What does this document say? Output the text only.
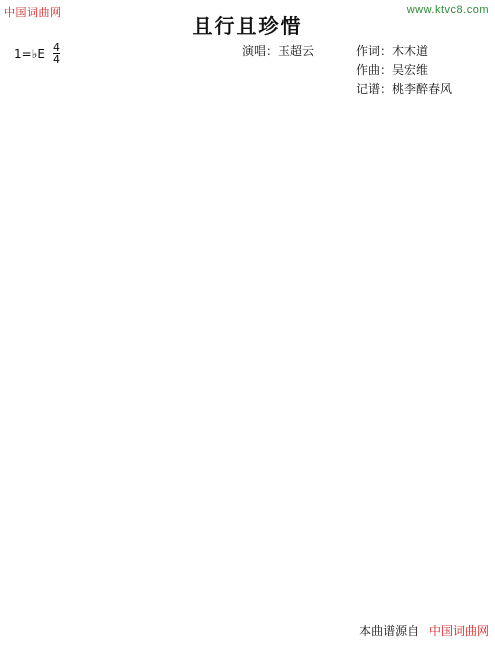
中国词曲网	www.ktvc8.com
且行且珍惜
1=♭E 4
4
演唱：玉超云	作词：木木道
作曲：吴宏维
记谱：桃李醉春风
本曲谱源自 中国词曲网
